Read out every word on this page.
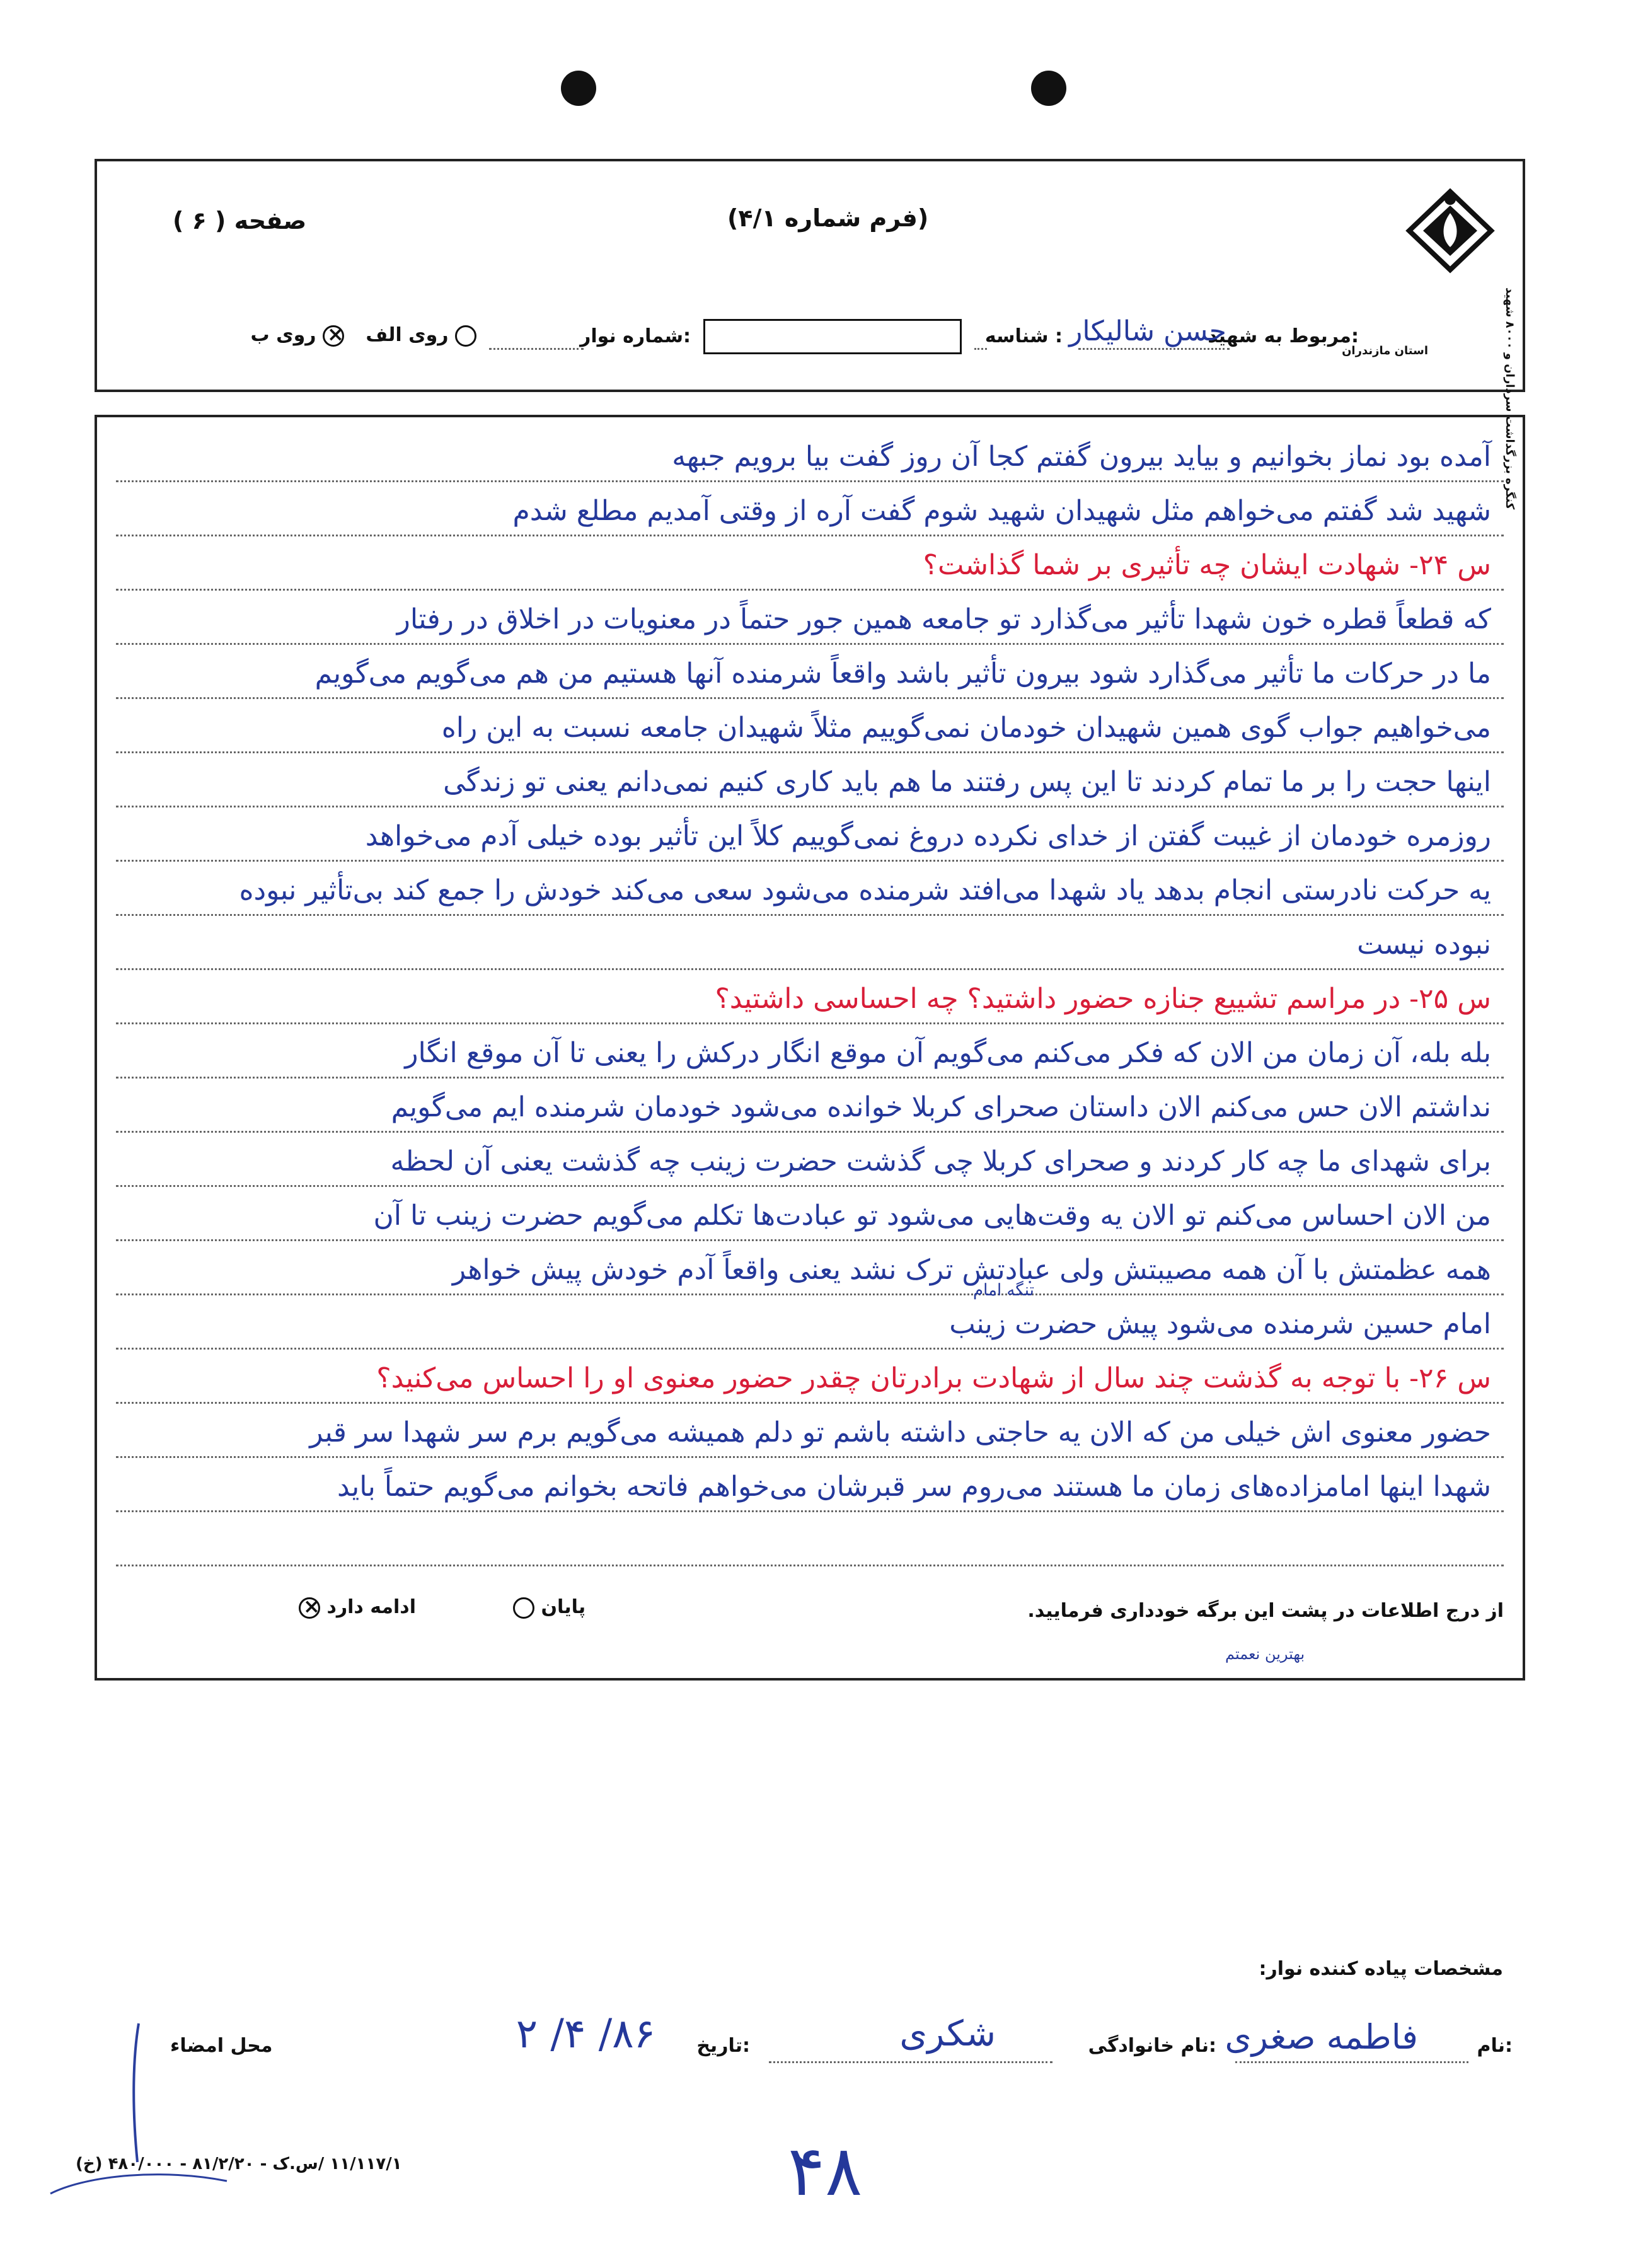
کنگره بزرگداشت سرداران و ۸۰۰۰ شهید
استان مازندران
صفحه ( ۶ )	(فرم شماره ۴/۱)
مربوط به شهید:
حسن شالیکار
شناسه :
شماره نوار:
روی الف
روی ب ×
آمده بود نماز بخوانیم و بیاید بیرون گفتم کجا آن روز گفت بیا برویم جبهه
شهید شد گفتم می‌خواهم مثل شهیدان شهید شوم گفت آره از وقتی آمدیم مطلع شدم
س ۲۴- شهادت ایشان چه تأثیری بر شما گذاشت؟
که قطعاً قطره خون شهدا تأثیر می‌گذارد تو جامعه همین جور حتماً در معنویات در اخلاق در رفتار
ما در حرکات ما تأثیر می‌گذارد شود بیرون تأثیر باشد واقعاً شرمنده آنها هستیم من هم می‌گویم می‌گویم
می‌خواهیم جواب گوی همین شهیدان خودمان نمی‌گوییم مثلاً شهیدان جامعه نسبت به این راه
اینها حجت را بر ما تمام کردند تا این پس رفتند ما هم باید کاری کنیم نمی‌دانم یعنی تو زندگی
روزمره خودمان از غیبت گفتن از خدای نکرده دروغ نمی‌گوییم کلاً این تأثیر بوده خیلی آدم می‌خواهد
یه حرکت نادرستی انجام بدهد یاد شهدا می‌افتد شرمنده می‌شود سعی می‌کند خودش را جمع کند بی‌تأثیر نبوده
نبوده نیست
س ۲۵- در مراسم تشییع جنازه حضور داشتید؟ چه احساسی داشتید؟
بله بله، آن زمان من الان که فکر می‌کنم می‌گویم آن موقع انگار درکش را یعنی تا آن موقع انگار
نداشتم الان حس می‌کنم الان داستان صحرای کربلا خوانده می‌شود خودمان شرمنده ایم می‌گویم
برای شهدای ما چه کار کردند و صحرای کربلا چی گذشت حضرت زینب چه گذشت یعنی آن لحظه
من الان احساس می‌کنم تو الان یه وقت‌هایی می‌شود تو عبادت‌ها تکلم می‌گویم حضرت زینب تا آن
همه عظمتش با آن همه مصیبتش ولی عبادتش ترک نشد یعنی واقعاً آدم خودش پیش خواهر
امام حسین شرمنده می‌شود پیش حضرت زینب
س ۲۶- با توجه به گذشت چند سال از شهادت برادرتان چقدر حضور معنوی او را احساس می‌کنید؟
حضور معنوی اش خیلی من که الان یه حاجتی داشته باشم تو دلم همیشه می‌گویم برم سر شهدا سر قبر
شهدا اینها امامزاده‌های زمان ما هستند می‌روم سر قبرشان می‌خواهم فاتحه بخوانم می‌گویم حتماً باید
تنگه امام
بهترین نعمتم
از درج اطلاعات در پشت این برگه خودداری فرمایید.
پایان
ادامه دارد ×
مشخصات پیاده کننده نوار:
نام:
فاطمه صغری
نام خانوادگی:
شکری
تاریخ:
۸۶/ ۴/ ۲
محل امضاء
۱۱/۱۱۷/۱ /س.ک - ۸۱/۲/۲۰ - ۴۸۰/۰۰۰ (خ)	۴۸
